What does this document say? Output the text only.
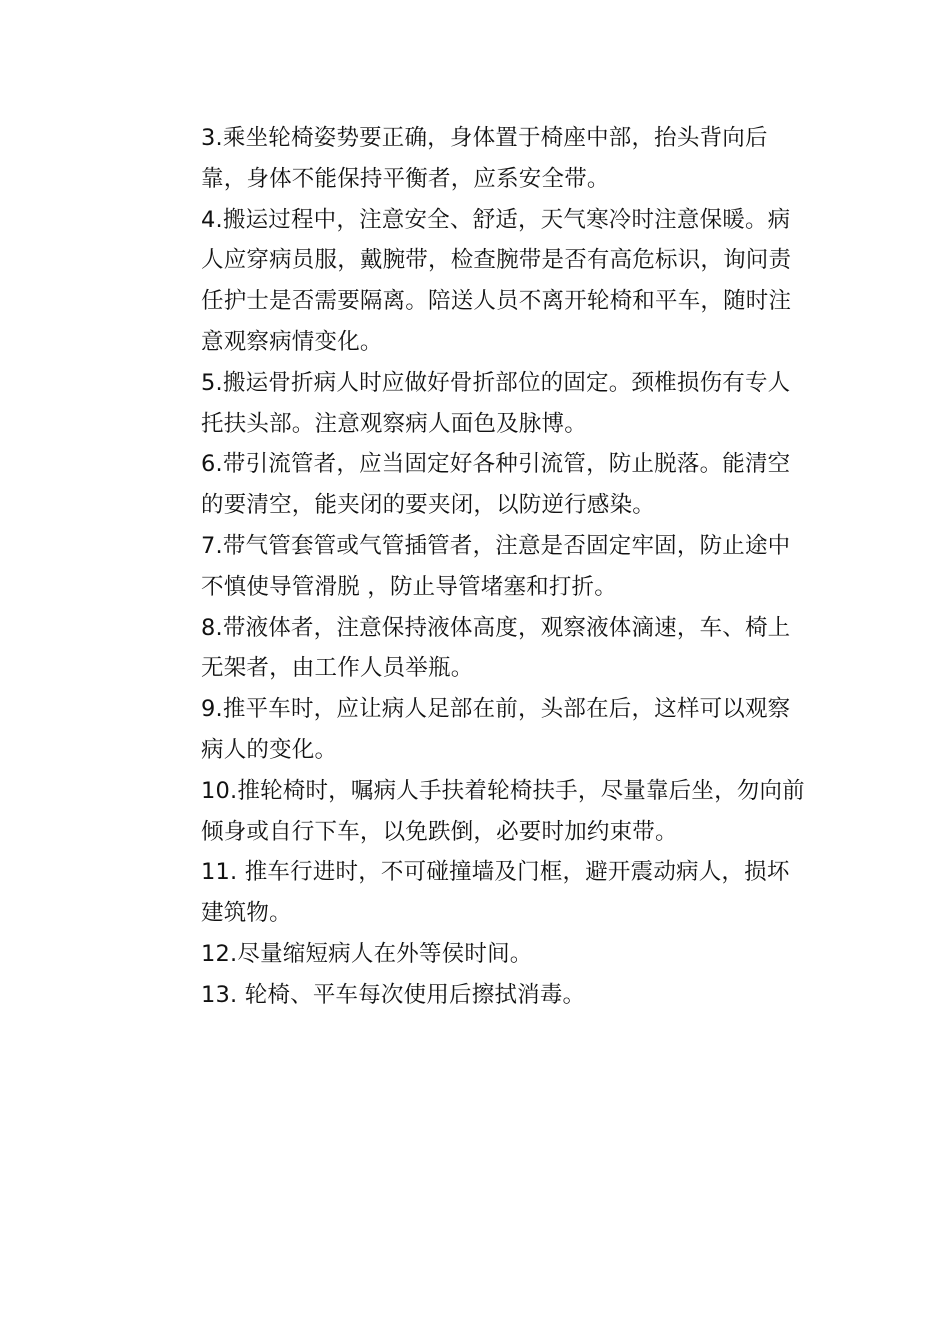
3.乘坐轮椅姿势要正确，身体置于椅座中部，抬头背向后靠，身体不能保持平衡者，应系安全带。

4.搬运过程中，注意安全、舒适，天气寒冷时注意保暖。病人应穿病员服，戴腕带，检查腕带是否有高危标识，询问责任护士是否需要隔离。陪送人员不离开轮椅和平车，随时注意观察病情变化。

5.搬运骨折病人时应做好骨折部位的固定。颈椎损伤有专人托扶头部。注意观察病人面色及脉博。

6.带引流管者，应当固定好各种引流管，防止脱落。能清空的要清空，能夹闭的要夹闭，以防逆行感染。

7.带气管套管或气管插管者，注意是否固定牢固，防止途中不慎使导管滑脱 ，防止导管堵塞和打折。

8.带液体者，注意保持液体高度，观察液体滴速，车、椅上无架者，由工作人员举瓶。

9.推平车时，应让病人足部在前，头部在后，这样可以观察病人的变化。

10.推轮椅时，嘱病人手扶着轮椅扶手，尽量靠后坐，勿向前倾身或自行下车，以免跌倒，必要时加约束带。

11. 推车行进时，不可碰撞墙及门框，避开震动病人，损坏建筑物。

12.尽量缩短病人在外等侯时间。

13. 轮椅、平车每次使用后擦拭消毒。
